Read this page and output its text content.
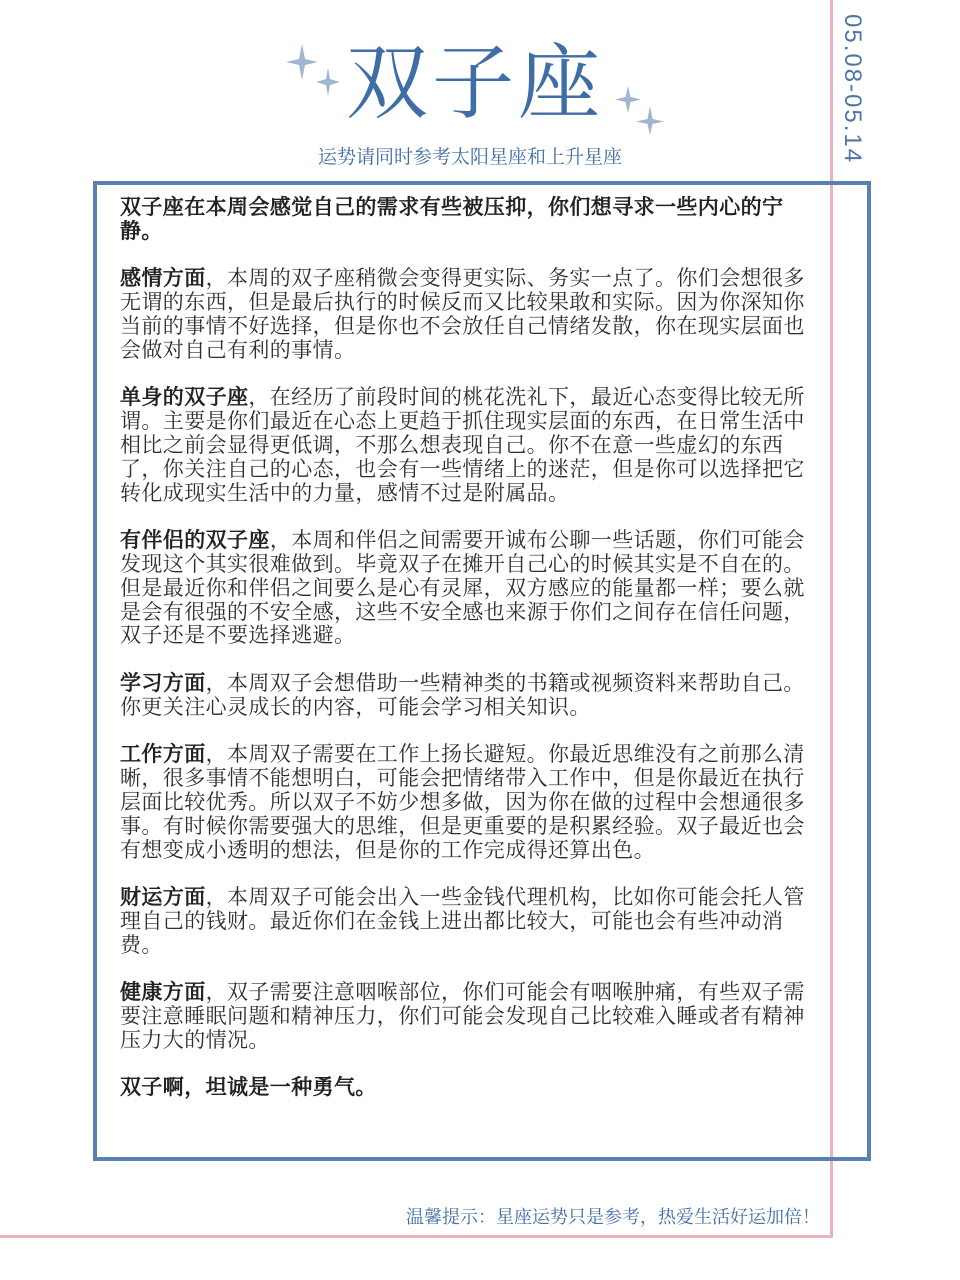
05.08-05.14
双子座
运势请同时参考太阳星座和上升星座

双子座在本周会感觉自己的需求有些被压抑，你们想寻求一些内心的宁静。

感情方面，本周的双子座稍微会变得更实际、务实一点了。你们会想很多无谓的东西，但是最后执行的时候反而又比较果敢和实际。因为你深知你当前的事情不好选择，但是你也不会放任自己情绪发散，你在现实层面也会做对自己有利的事情。

单身的双子座，在经历了前段时间的桃花洗礼下，最近心态变得比较无所谓。主要是你们最近在心态上更趋于抓住现实层面的东西，在日常生活中相比之前会显得更低调，不那么想表现自己。你不在意一些虚幻的东西了，你关注自己的心态，也会有一些情绪上的迷茫，但是你可以选择把它转化成现实生活中的力量，感情不过是附属品。

有伴侣的双子座，本周和伴侣之间需要开诚布公聊一些话题，你们可能会发现这个其实很难做到。毕竟双子在摊开自己心的时候其实是不自在的。但是最近你和伴侣之间要么是心有灵犀，双方感应的能量都一样；要么就是会有很强的不安全感，这些不安全感也来源于你们之间存在信任问题，双子还是不要选择逃避。

学习方面，本周双子会想借助一些精神类的书籍或视频资料来帮助自己。你更关注心灵成长的内容，可能会学习相关知识。

工作方面，本周双子需要在工作上扬长避短。你最近思维没有之前那么清晰，很多事情不能想明白，可能会把情绪带入工作中，但是你最近在执行层面比较优秀。所以双子不妨少想多做，因为你在做的过程中会想通很多事。有时候你需要强大的思维，但是更重要的是积累经验。双子最近也会有想变成小透明的想法，但是你的工作完成得还算出色。

财运方面，本周双子可能会出入一些金钱代理机构，比如你可能会托人管理自己的钱财。最近你们在金钱上进出都比较大，可能也会有些冲动消费。

健康方面，双子需要注意咽喉部位，你们可能会有咽喉肿痛，有些双子需要注意睡眠问题和精神压力，你们可能会发现自己比较难入睡或者有精神压力大的情况。

双子啊，坦诚是一种勇气。

温馨提示：星座运势只是参考，热爱生活好运加倍！
